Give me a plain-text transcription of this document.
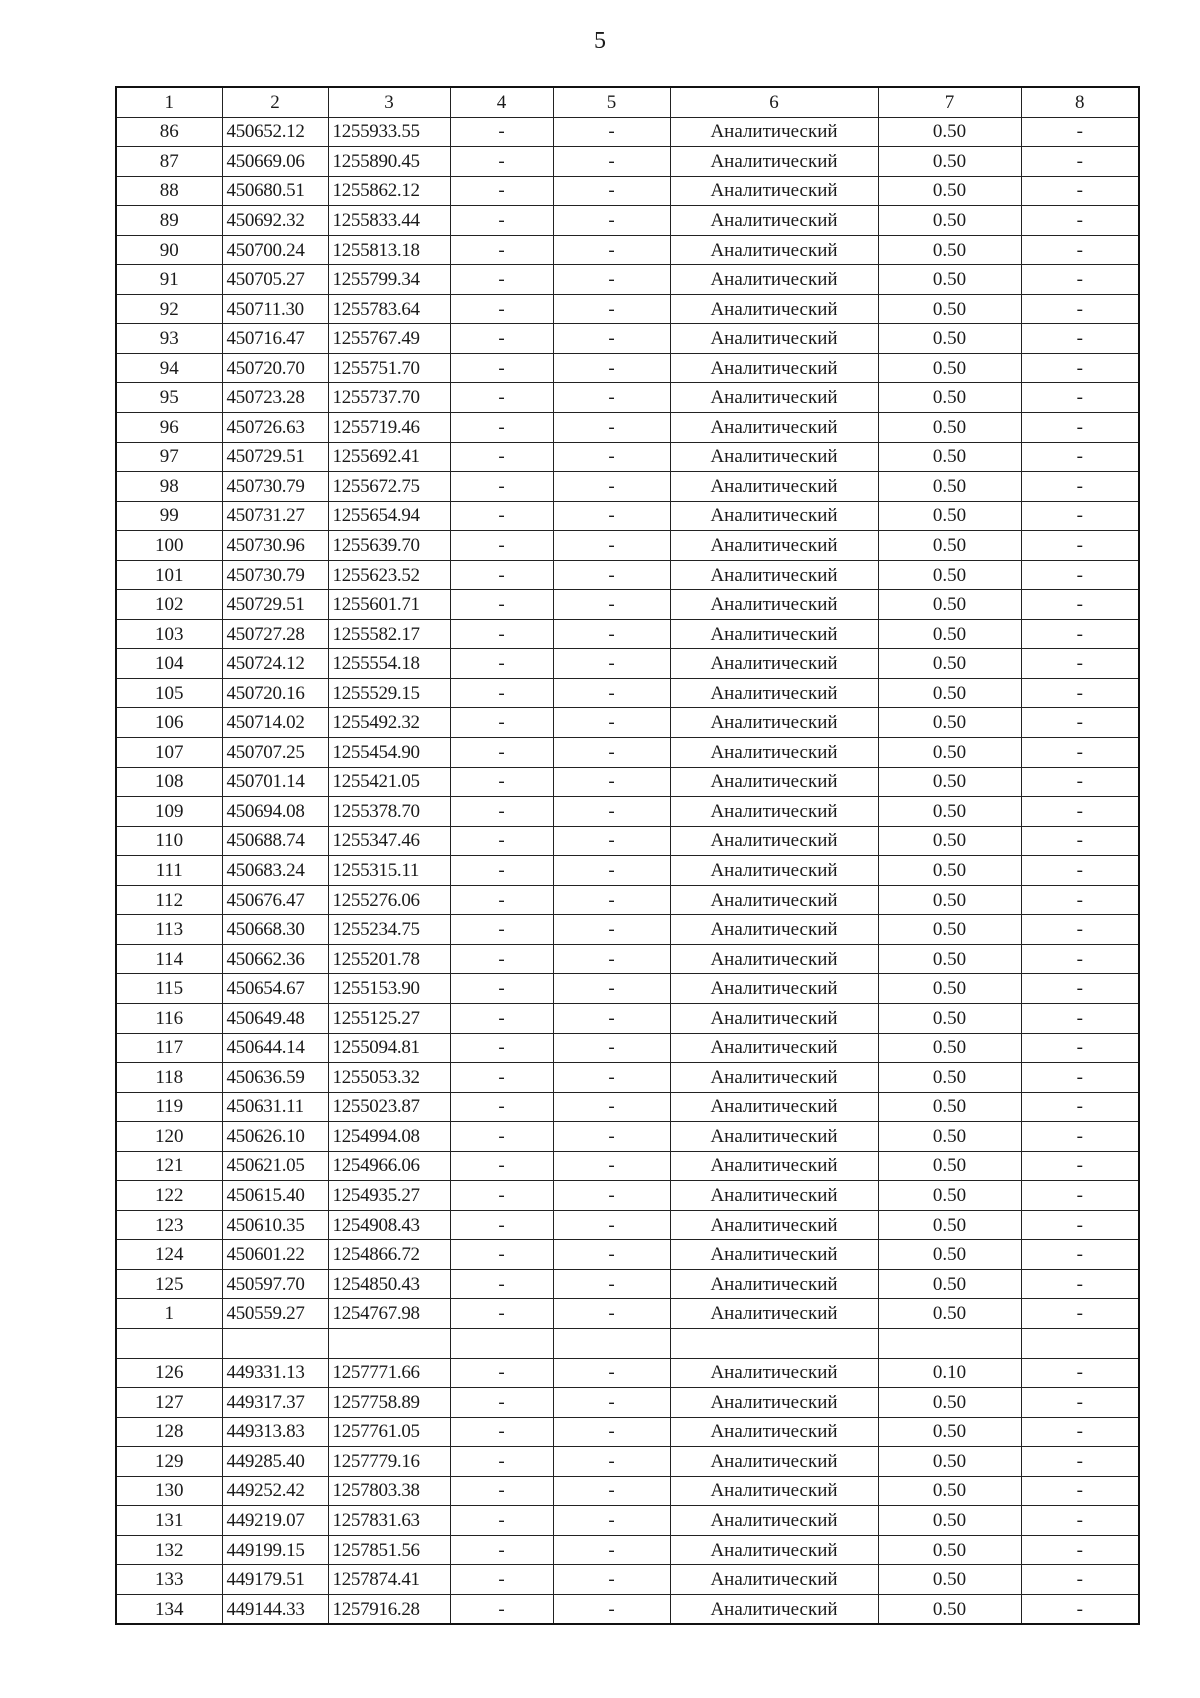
5
1	2	3	4	5	6	7	8
86	450652.12	1255933.55	-	-	Аналитический	0.50	-
87	450669.06	1255890.45	-	-	Аналитический	0.50	-
88	450680.51	1255862.12	-	-	Аналитический	0.50	-
89	450692.32	1255833.44	-	-	Аналитический	0.50	-
90	450700.24	1255813.18	-	-	Аналитический	0.50	-
91	450705.27	1255799.34	-	-	Аналитический	0.50	-
92	450711.30	1255783.64	-	-	Аналитический	0.50	-
93	450716.47	1255767.49	-	-	Аналитический	0.50	-
94	450720.70	1255751.70	-	-	Аналитический	0.50	-
95	450723.28	1255737.70	-	-	Аналитический	0.50	-
96	450726.63	1255719.46	-	-	Аналитический	0.50	-
97	450729.51	1255692.41	-	-	Аналитический	0.50	-
98	450730.79	1255672.75	-	-	Аналитический	0.50	-
99	450731.27	1255654.94	-	-	Аналитический	0.50	-
100	450730.96	1255639.70	-	-	Аналитический	0.50	-
101	450730.79	1255623.52	-	-	Аналитический	0.50	-
102	450729.51	1255601.71	-	-	Аналитический	0.50	-
103	450727.28	1255582.17	-	-	Аналитический	0.50	-
104	450724.12	1255554.18	-	-	Аналитический	0.50	-
105	450720.16	1255529.15	-	-	Аналитический	0.50	-
106	450714.02	1255492.32	-	-	Аналитический	0.50	-
107	450707.25	1255454.90	-	-	Аналитический	0.50	-
108	450701.14	1255421.05	-	-	Аналитический	0.50	-
109	450694.08	1255378.70	-	-	Аналитический	0.50	-
110	450688.74	1255347.46	-	-	Аналитический	0.50	-
111	450683.24	1255315.11	-	-	Аналитический	0.50	-
112	450676.47	1255276.06	-	-	Аналитический	0.50	-
113	450668.30	1255234.75	-	-	Аналитический	0.50	-
114	450662.36	1255201.78	-	-	Аналитический	0.50	-
115	450654.67	1255153.90	-	-	Аналитический	0.50	-
116	450649.48	1255125.27	-	-	Аналитический	0.50	-
117	450644.14	1255094.81	-	-	Аналитический	0.50	-
118	450636.59	1255053.32	-	-	Аналитический	0.50	-
119	450631.11	1255023.87	-	-	Аналитический	0.50	-
120	450626.10	1254994.08	-	-	Аналитический	0.50	-
121	450621.05	1254966.06	-	-	Аналитический	0.50	-
122	450615.40	1254935.27	-	-	Аналитический	0.50	-
123	450610.35	1254908.43	-	-	Аналитический	0.50	-
124	450601.22	1254866.72	-	-	Аналитический	0.50	-
125	450597.70	1254850.43	-	-	Аналитический	0.50	-
1	450559.27	1254767.98	-	-	Аналитический	0.50	-

126	449331.13	1257771.66	-	-	Аналитический	0.10	-
127	449317.37	1257758.89	-	-	Аналитический	0.50	-
128	449313.83	1257761.05	-	-	Аналитический	0.50	-
129	449285.40	1257779.16	-	-	Аналитический	0.50	-
130	449252.42	1257803.38	-	-	Аналитический	0.50	-
131	449219.07	1257831.63	-	-	Аналитический	0.50	-
132	449199.15	1257851.56	-	-	Аналитический	0.50	-
133	449179.51	1257874.41	-	-	Аналитический	0.50	-
134	449144.33	1257916.28	-	-	Аналитический	0.50	-
